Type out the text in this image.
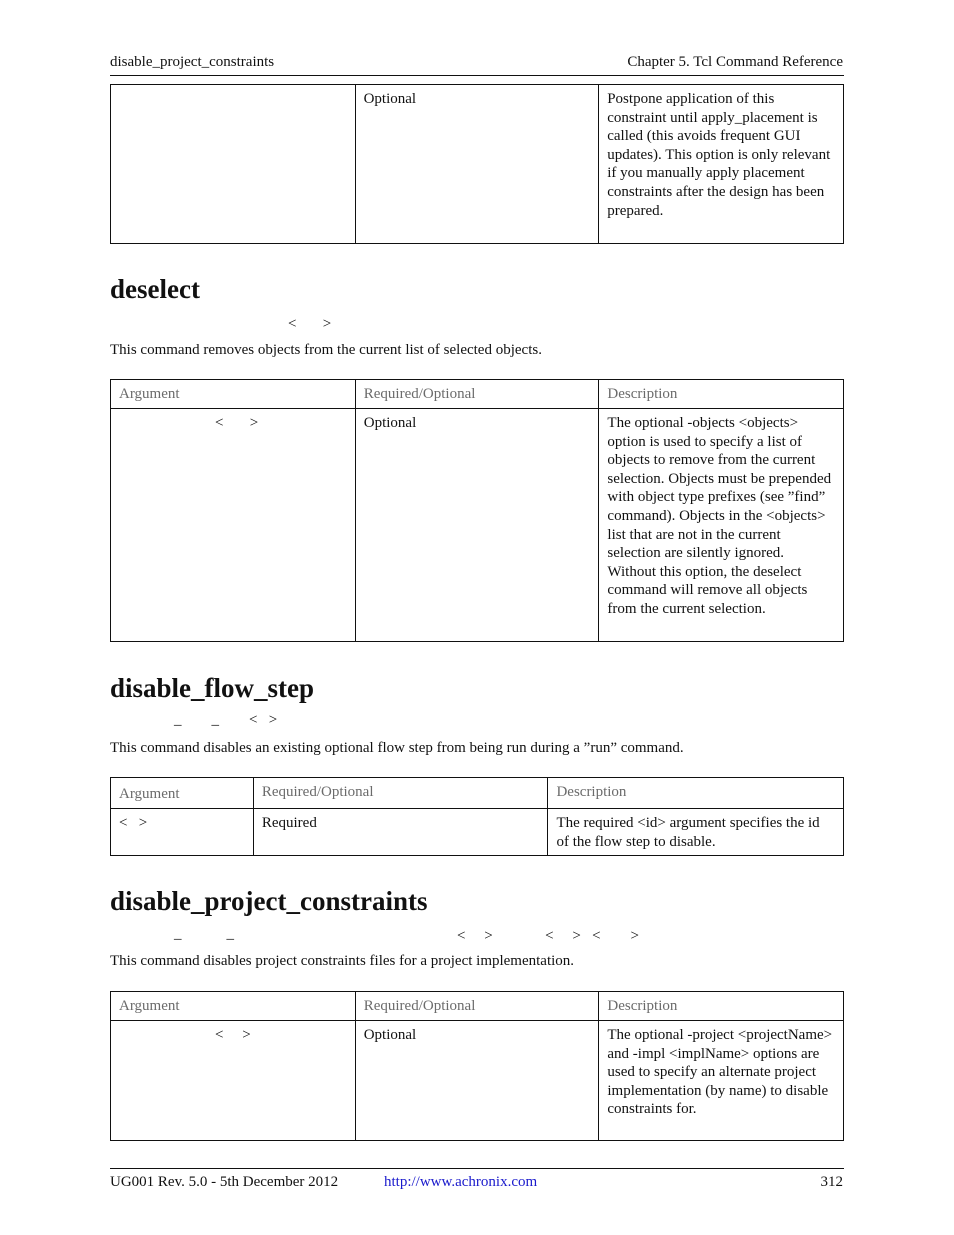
disable_project_constraints	Chapter 5. Tcl Command Reference
	Optional	Postpone application of this constraint until apply_placement is called (this avoids frequent GUI updates). This option is only relevant if you manually apply placement constraints after the design has been prepared.
deselect
<       >
This command removes objects from the current list of selected objects.
Argument	Required/Optional	Description
<       >	Optional	The optional -objects <objects> option is used to specify a list of objects to remove from the current selection. Objects must be prepended with object type prefixes (see ”find” command). Objects in the <objects> list that are not in the current selection are silently ignored. Without this option, the deselect command will remove all objects from the current selection.
disable_flow_step
_        _        <   >
This command disables an existing optional flow step from being run during a ”run” command.
Argument	Required/Optional	Description
<   >	Required	The required <id> argument specifies the id of the flow step to disable.
disable_project_constraints
_            _	<     >              <     >   <        >
This command disables project constraints files for a project implementation.
Argument	Required/Optional	Description
<     >	Optional	The optional -project <projectName> and -impl <implName> options are used to specify an alternate project implementation (by name) to disable constraints for.
UG001 Rev. 5.0 - 5th December 2012	http://www.achronix.com	312
